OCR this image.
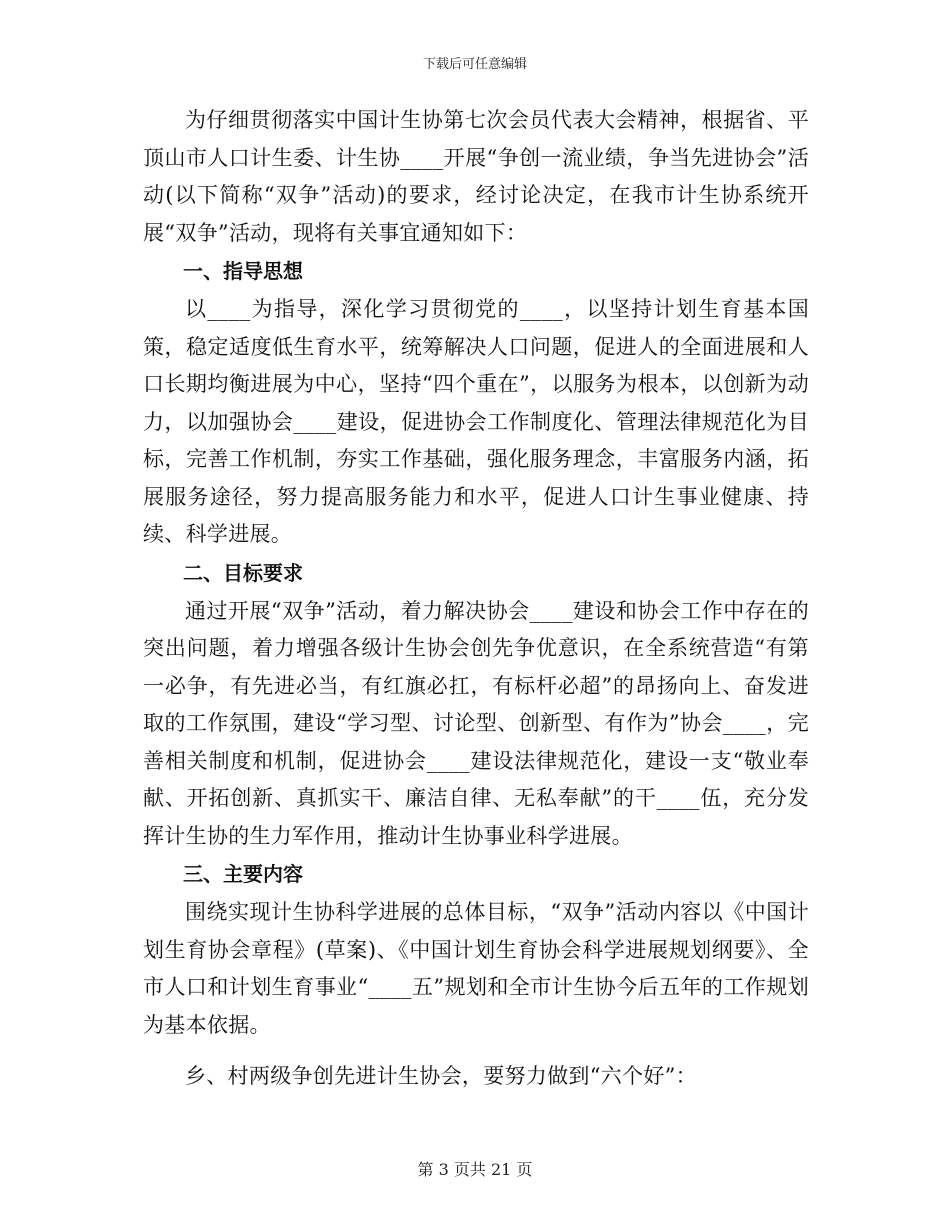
下载后可任意编辑

为仔细贯彻落实中国计生协第七次会员代表大会精神，根据省、平顶山市人口计生委、计生协____开展“争创一流业绩，争当先进协会”活动(以下简称“双争”活动)的要求，经讨论决定，在我市计生协系统开展“双争”活动，现将有关事宜通知如下：

一、指导思想

以____为指导，深化学习贯彻党的____，以坚持计划生育基本国策，稳定适度低生育水平，统筹解决人口问题，促进人的全面进展和人口长期均衡进展为中心，坚持“四个重在”，以服务为根本，以创新为动力，以加强协会____建设，促进协会工作制度化、管理法律规范化为目标，完善工作机制，夯实工作基础，强化服务理念，丰富服务内涵，拓展服务途径，努力提高服务能力和水平，促进人口计生事业健康、持续、科学进展。

二、目标要求

通过开展“双争”活动，着力解决协会____建设和协会工作中存在的突出问题，着力增强各级计生协会创先争优意识，在全系统营造“有第一必争，有先进必当，有红旗必扛，有标杆必超”的昂扬向上、奋发进取的工作氛围，建设“学习型、讨论型、创新型、有作为”协会____，完善相关制度和机制，促进协会____建设法律规范化，建设一支“敬业奉献、开拓创新、真抓实干、廉洁自律、无私奉献”的干____伍，充分发挥计生协的生力军作用，推动计生协事业科学进展。

三、主要内容

围绕实现计生协科学进展的总体目标，“双争”活动内容以《中国计划生育协会章程》(草案)、《中国计划生育协会科学进展规划纲要》、全市人口和计划生育事业“____五”规划和全市计生协今后五年的工作规划为基本依据。

乡、村两级争创先进计生协会，要努力做到“六个好”：

第 3 页共 21 页
